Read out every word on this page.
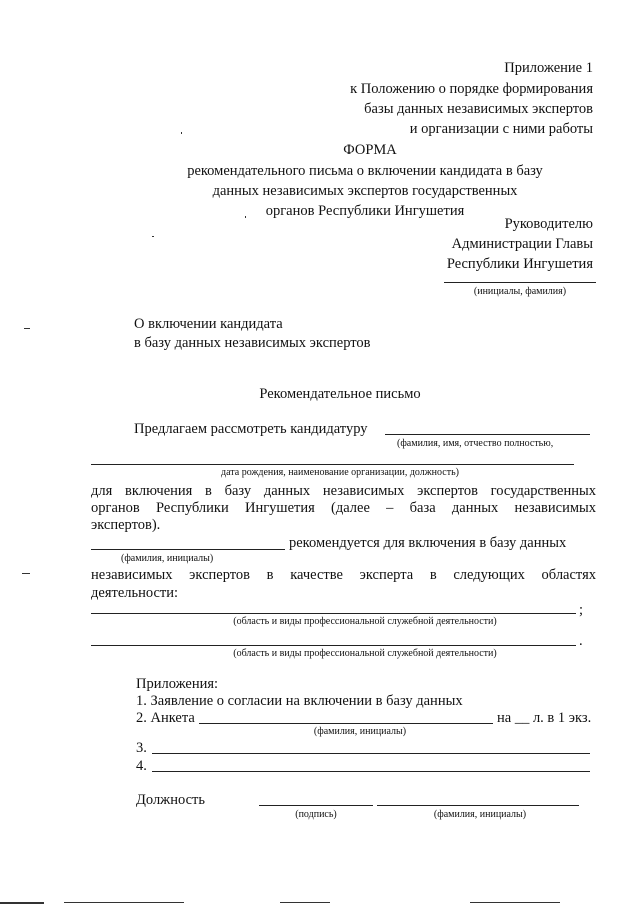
Приложение 1
к Положению о порядке формирования
базы данных независимых экспертов
и организации с ними работы
ФОРМА
рекомендательного письма о включении кандидата в базу
данных независимых экспертов государственных
органов Республики Ингушетия
Руководителю
Администрации Главы
Республики Ингушетия
(инициалы, фамилия)
О включении кандидата
в базу данных независимых экспертов
Рекомендательное письмо
Предлагаем рассмотреть кандидатуру
(фамилия, имя, отчество полностью,
дата рождения, наименование организации, должность)
для включения в базу данных независимых экспертов государственных
органов Республики Ингушетия (далее – база данных независимых
экспертов).
рекомендуется для включения в базу данных
(фамилия, инициалы)
независимых экспертов в качестве эксперта в следующих областях
деятельности:
;
(область и виды профессиональной служебной деятельности)
.
(область и виды профессиональной служебной деятельности)
Приложения:
1. Заявление о согласии на включении в базу данных
2. Анкета	на __ л. в 1 экз.
(фамилия, инициалы)
3.
4.
Должность
(подпись)	(фамилия, инициалы)
